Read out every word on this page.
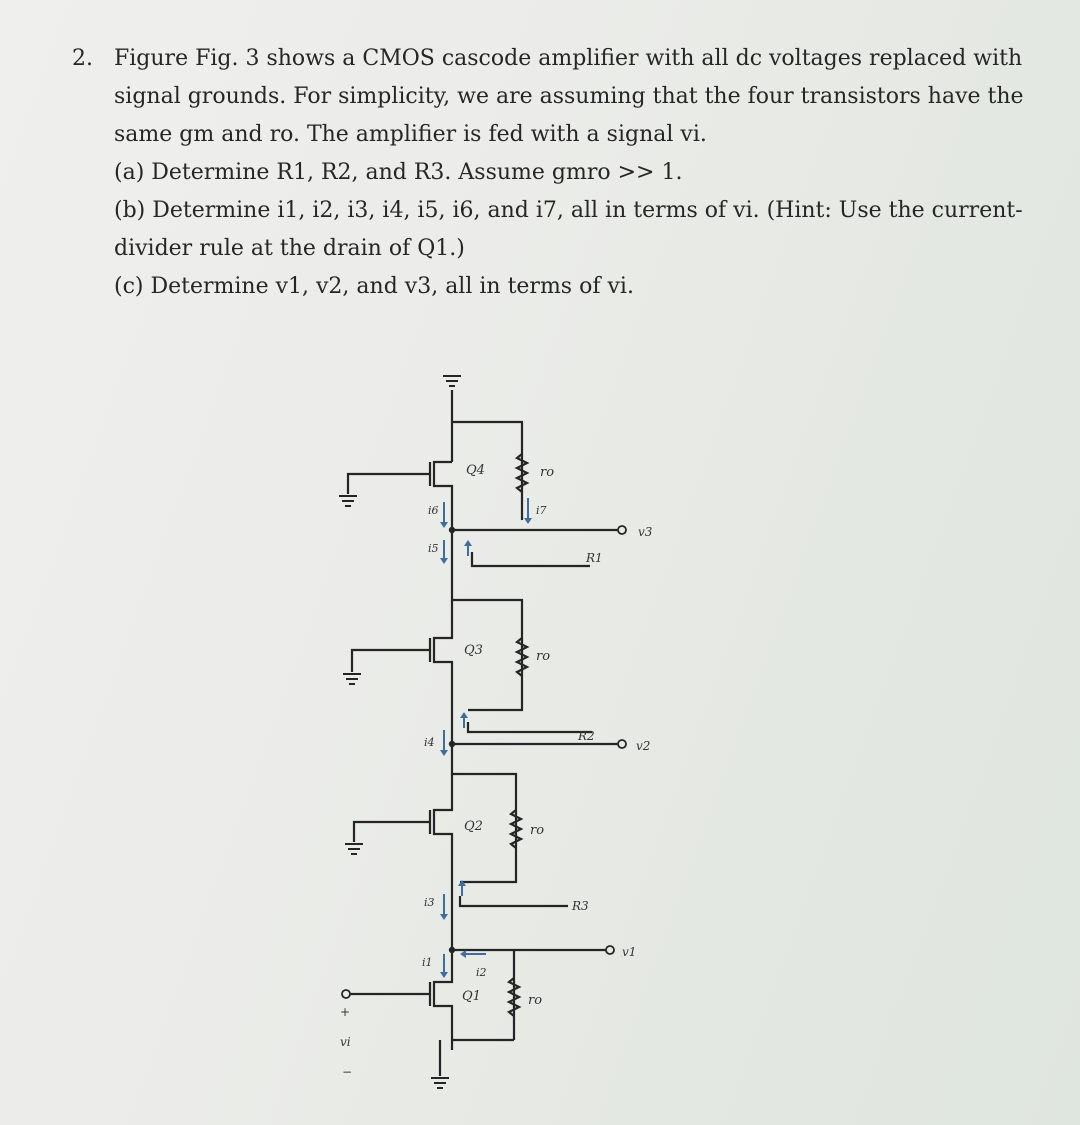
2. Figure Fig. 3 shows a CMOS cascode amplifier with all dc voltages replaced with
signal grounds. For simplicity, we are assuming that the four transistors have the
same gm and ro. The amplifier is fed with a signal vi.
(a) Determine R1, R2, and R3. Assume gmro >> 1.
(b) Determine i1, i2, i3, i4, i5, i6, and i7, all in terms of vi. (Hint: Use the current-
divider rule at the drain of Q1.)
(c) Determine v1, v2, and v3, all in terms of vi.
Q4	ro
v3
R1
i6	i7
i5
Q3	ro
v2
R2
i4
Q2	ro
R3
i3
v1
i1
i2
Q1	ro
+
vi
−
